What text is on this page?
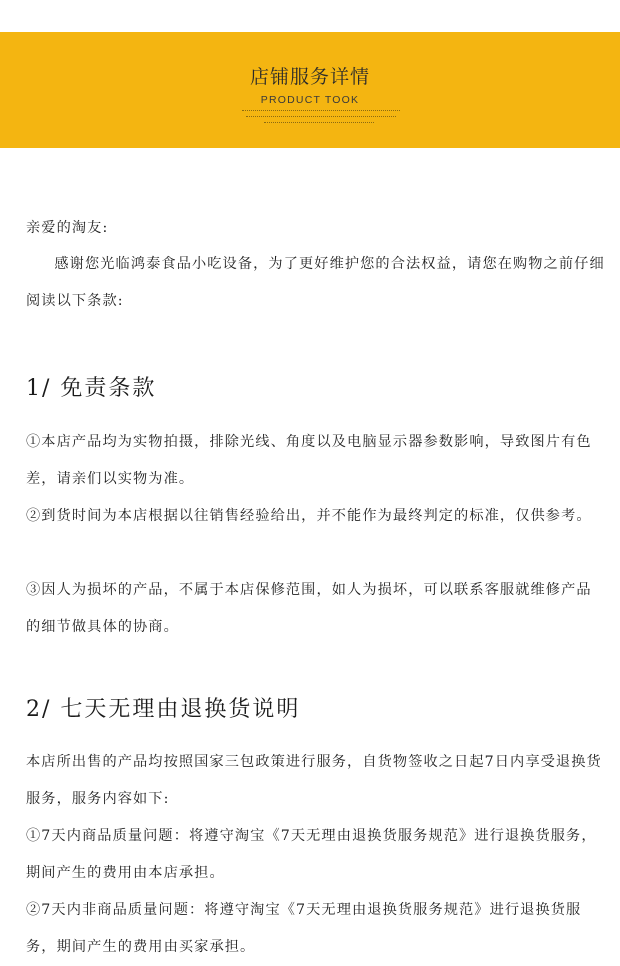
店铺服务详情
PRODUCT TOOK
亲爱的淘友:
感谢您光临鸿泰食品小吃设备，为了更好维护您的合法权益，请您在购物之前仔细阅读以下条款:
1/ 免责条款
①本店产品均为实物拍摄，排除光线、角度以及电脑显示器参数影响，导致图片有色差，请亲们以实物为准。
②到货时间为本店根据以往销售经验给出，并不能作为最终判定的标准，仅供参考。
③因人为损坏的产品，不属于本店保修范围，如人为损坏，可以联系客服就维修产品的细节做具体的协商。
2/ 七天无理由退换货说明
本店所出售的产品均按照国家三包政策进行服务，自货物签收之日起7日内享受退换货服务，服务内容如下:
①7天内商品质量问题：将遵守淘宝《7天无理由退换货服务规范》进行退换货服务，期间产生的费用由本店承担。
②7天内非商品质量问题：将遵守淘宝《7天无理由退换货服务规范》进行退换货服务，期间产生的费用由买家承担。
